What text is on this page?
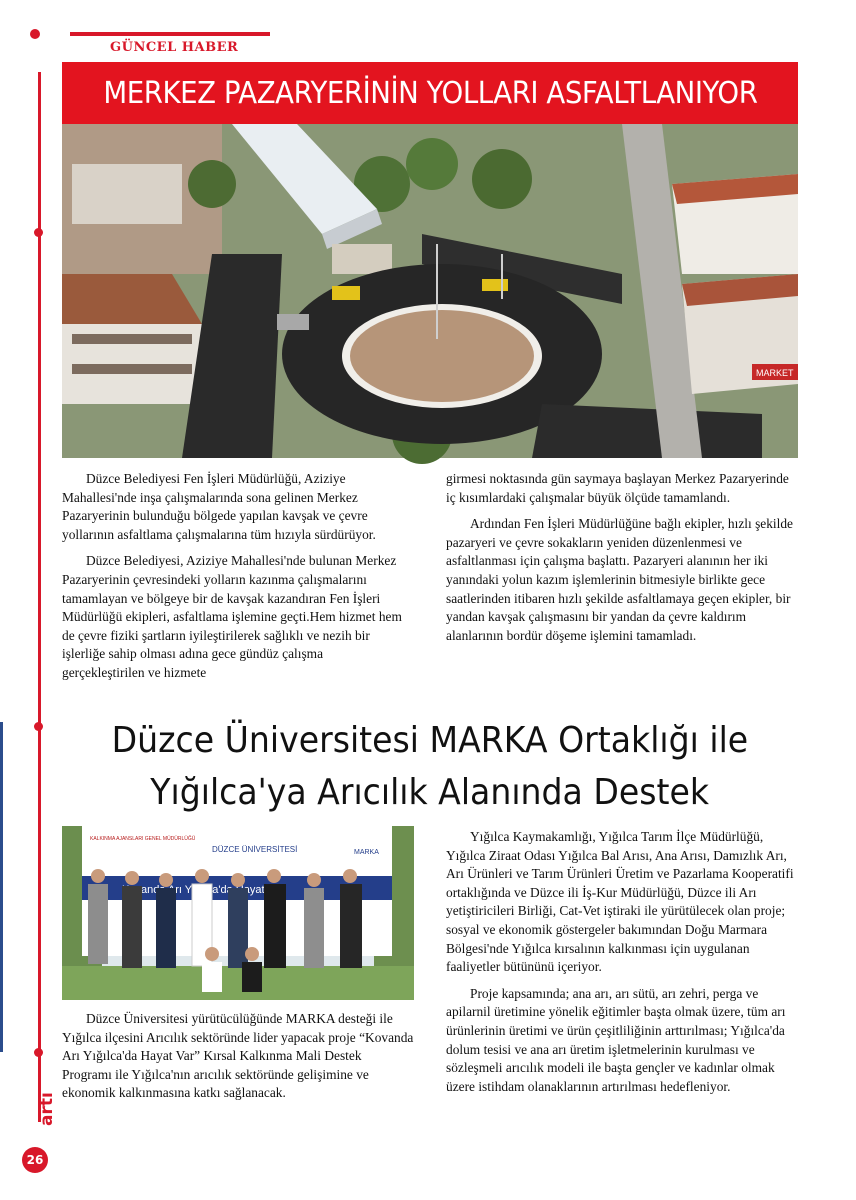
GÜNCEL HABER
MERKEZ PAZARYERİNİN YOLLARI ASFALTLANIYOR
MARKET

Düzce Belediyesi Fen İşleri Müdürlüğü, Aziziye Mahallesi'nde inşa çalışmalarında sona gelinen Merkez Pazaryerinin bulunduğu bölgede yapılan kavşak ve çevre yollarının asfaltlama çalışmalarına tüm hızıyla sürdürüyor.

Düzce Belediyesi, Aziziye Mahallesi'nde bulunan Merkez Pazaryerinin çevresindeki yolların kazınma çalışmalarını tamamlayan ve bölgeye bir de kavşak kazandıran Fen İşleri Müdürlüğü ekipleri, asfaltlama işlemine geçti.Hem hizmet hem de çevre fiziki şartların iyileştirilerek sağlıklı ve nezih bir işlerliğe sahip olması adına gece gündüz çalışma gerçekleştirilen ve hizmete

girmesi noktasında gün saymaya başlayan Merkez Pazaryerinde iç kısımlardaki çalışmalar büyük ölçüde tamamlandı.

Ardından Fen İşleri Müdürlüğüne bağlı ekipler, hızlı şekilde pazaryeri ve çevre sokakların yeniden düzenlenmesi ve asfaltlanması için çalışma başlattı. Pazaryeri alanının her iki yanındaki yolun kazım işlemlerinin bitmesiyle birlikte gece saatlerinden itibaren hızlı şekilde asfaltlamaya geçen ekipler, bir yandan kavşak çalışmasını bir yandan da çevre kaldırım alanlarının bordür döşeme işlemini tamamladı.

Düzce Üniversitesi MARKA Ortaklığı ile
Yığılca'ya Arıcılık Alanında Destek
KALKINMA AJANSLARI GENEL MÜDÜRLÜĞÜ
DÜZCE ÜNİVERSİTESİ	MARKA
Kovanda Hayat

Düzce Üniversitesi yürütücülüğünde MARKA desteği ile Yığılca ilçesini Arıcılık sektöründe lider yapacak proje “Kovanda Arı Yığılca'da Hayat Var” Kırsal Kalkınma Mali Destek Programı ile Yığılca'nın arıcılık sektöründe gelişimine ve ekonomik kalkınmasına katkı sağlanacak.

Yığılca Kaymakamlığı, Yığılca Tarım İlçe Müdürlüğü, Yığılca Ziraat Odası Yığılca Bal Arısı, Ana Arısı, Damızlık Arı, Arı Ürünleri ve Tarım Ürünleri Üretim ve Pazarlama Kooperatifi ortaklığında ve Düzce ili İş-Kur Müdürlüğü, Düzce ili Arı yetiştiricileri Birliği, Cat-Vet iştiraki ile yürütülecek olan proje; sosyal ve ekonomik göstergeler bakımından Doğu Marmara Bölgesi'nde Yığılca kırsalının kalkınması için uygulanan faaliyetler bütününü içeriyor.

Proje kapsamında; ana arı, arı sütü, arı zehri, perga ve apilarnil üretimine yönelik eğitimler başta olmak üzere, tüm arı ürünlerinin üretimi ve ürün çeşitliliğinin arttırılması; Yığılca'da dolum tesisi ve ana arı üretim işletmelerinin kurulması ve sözleşmeli arıcılık modeli ile başta gençler ve kadınlar olmak üzere istihdam olanaklarının artırılması hedefleniyor.

artı
26
